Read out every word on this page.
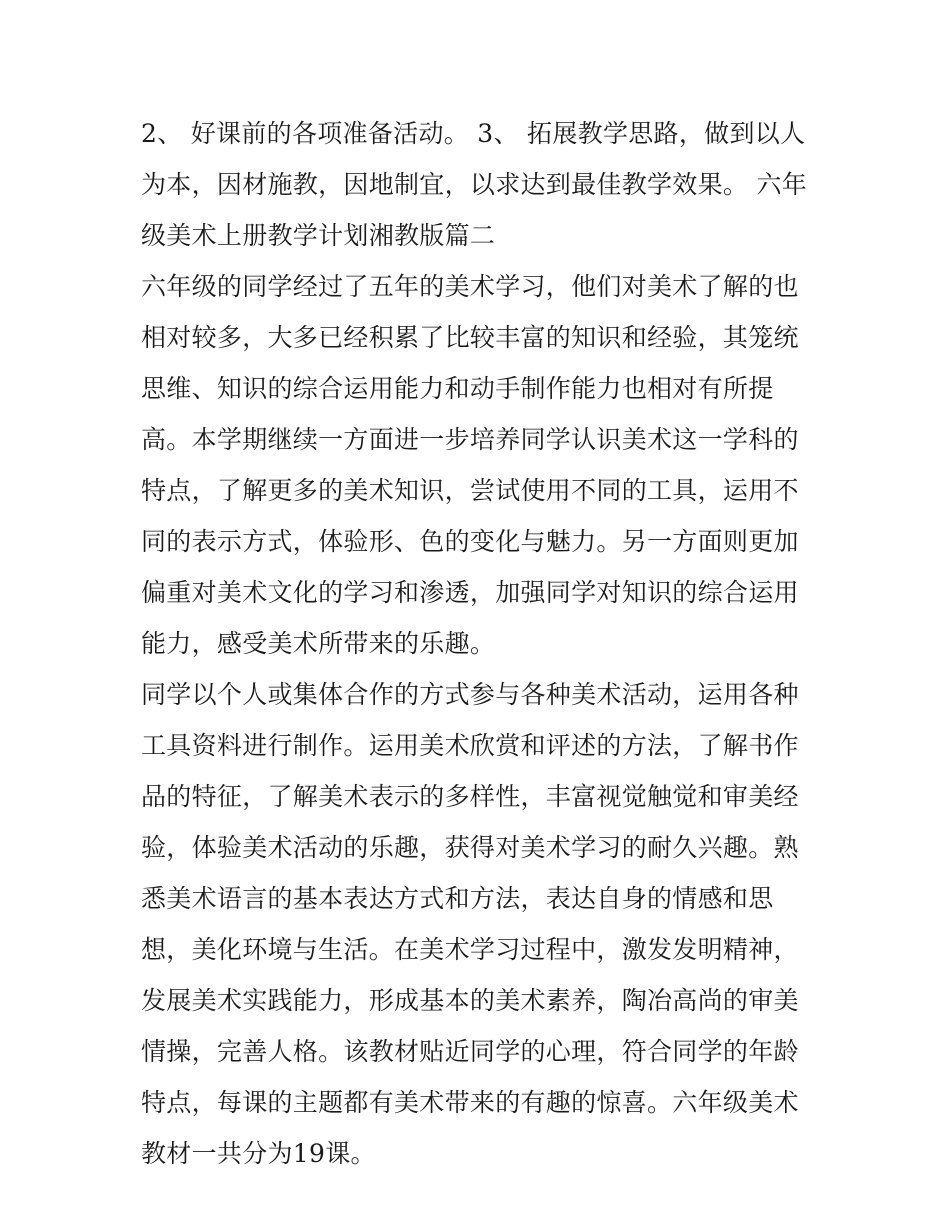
2、 好课前的各项准备活动。 3、 拓展教学思路，做到以人为本，因材施教，因地制宜，以求达到最佳教学效果。 六年级美术上册教学计划湘教版篇二

六年级的同学经过了五年的美术学习，他们对美术了解的也相对较多，大多已经积累了比较丰富的知识和经验，其笼统思维、知识的综合运用能力和动手制作能力也相对有所提高。本学期继续一方面进一步培养同学认识美术这一学科的特点，了解更多的美术知识，尝试使用不同的工具，运用不同的表示方式，体验形、色的变化与魅力。另一方面则更加偏重对美术文化的学习和渗透，加强同学对知识的综合运用能力，感受美术所带来的乐趣。

同学以个人或集体合作的方式参与各种美术活动，运用各种工具资料进行制作。运用美术欣赏和评述的方法，了解书作品的特征，了解美术表示的多样性，丰富视觉触觉和审美经验，体验美术活动的乐趣，获得对美术学习的耐久兴趣。熟悉美术语言的基本表达方式和方法，表达自身的情感和思想，美化环境与生活。在美术学习过程中，激发发明精神，发展美术实践能力，形成基本的美术素养，陶冶高尚的审美情操，完善人格。该教材贴近同学的心理，符合同学的年龄特点，每课的主题都有美术带来的有趣的惊喜。六年级美术教材一共分为19课。
